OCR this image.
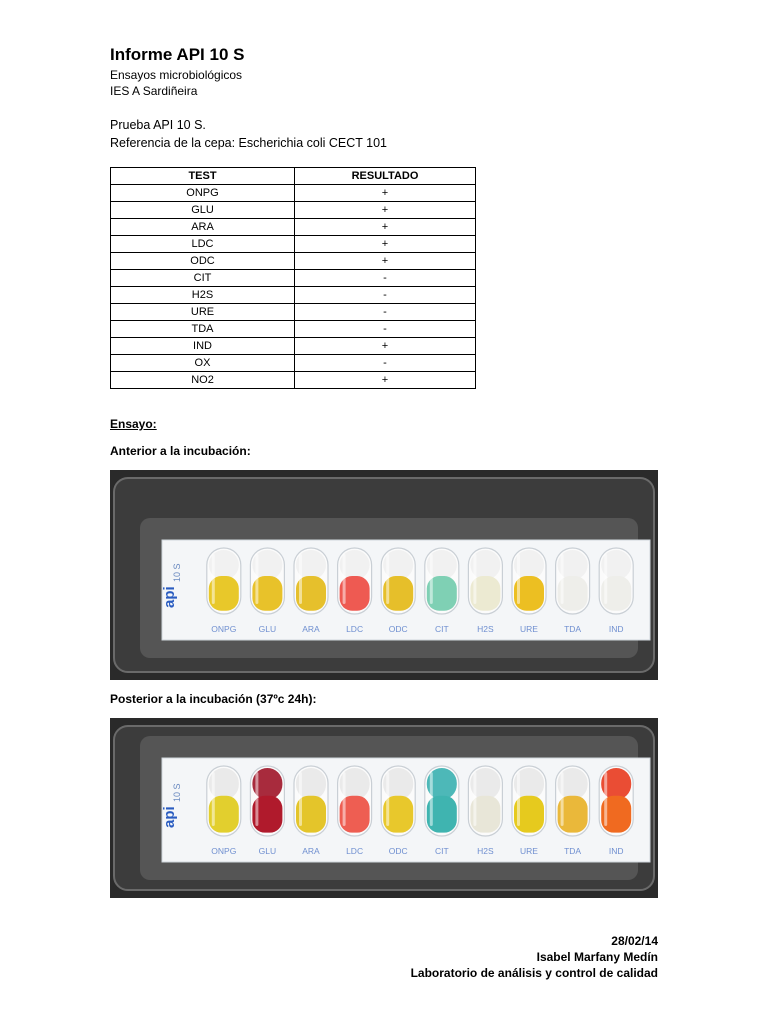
Informe API 10 S
Ensayos microbiológicos
IES A Sardiñeira
Prueba API 10 S.
Referencia de la cepa: Escherichia coli CECT 101
TEST	RESULTADO
ONPG	+
GLU	+
ARA	+
LDC	+
ODC	+
CIT	-
H2S	-
URE	-
TDA	-
IND	+
OX	-
NO2	+
Ensayo:
Anterior a la incubación:
api
10 S
ONPG	GLU	ARA	LDC	ODC	CIT	H2S	URE	TDA	IND
Posterior a la incubación (37ºc 24h):
api
10 S
ONPG	GLU	ARA	LDC	ODC	CIT	H2S	URE	TDA	IND
28/02/14
Isabel Marfany Medín
Laboratorio de análisis y control de calidad
